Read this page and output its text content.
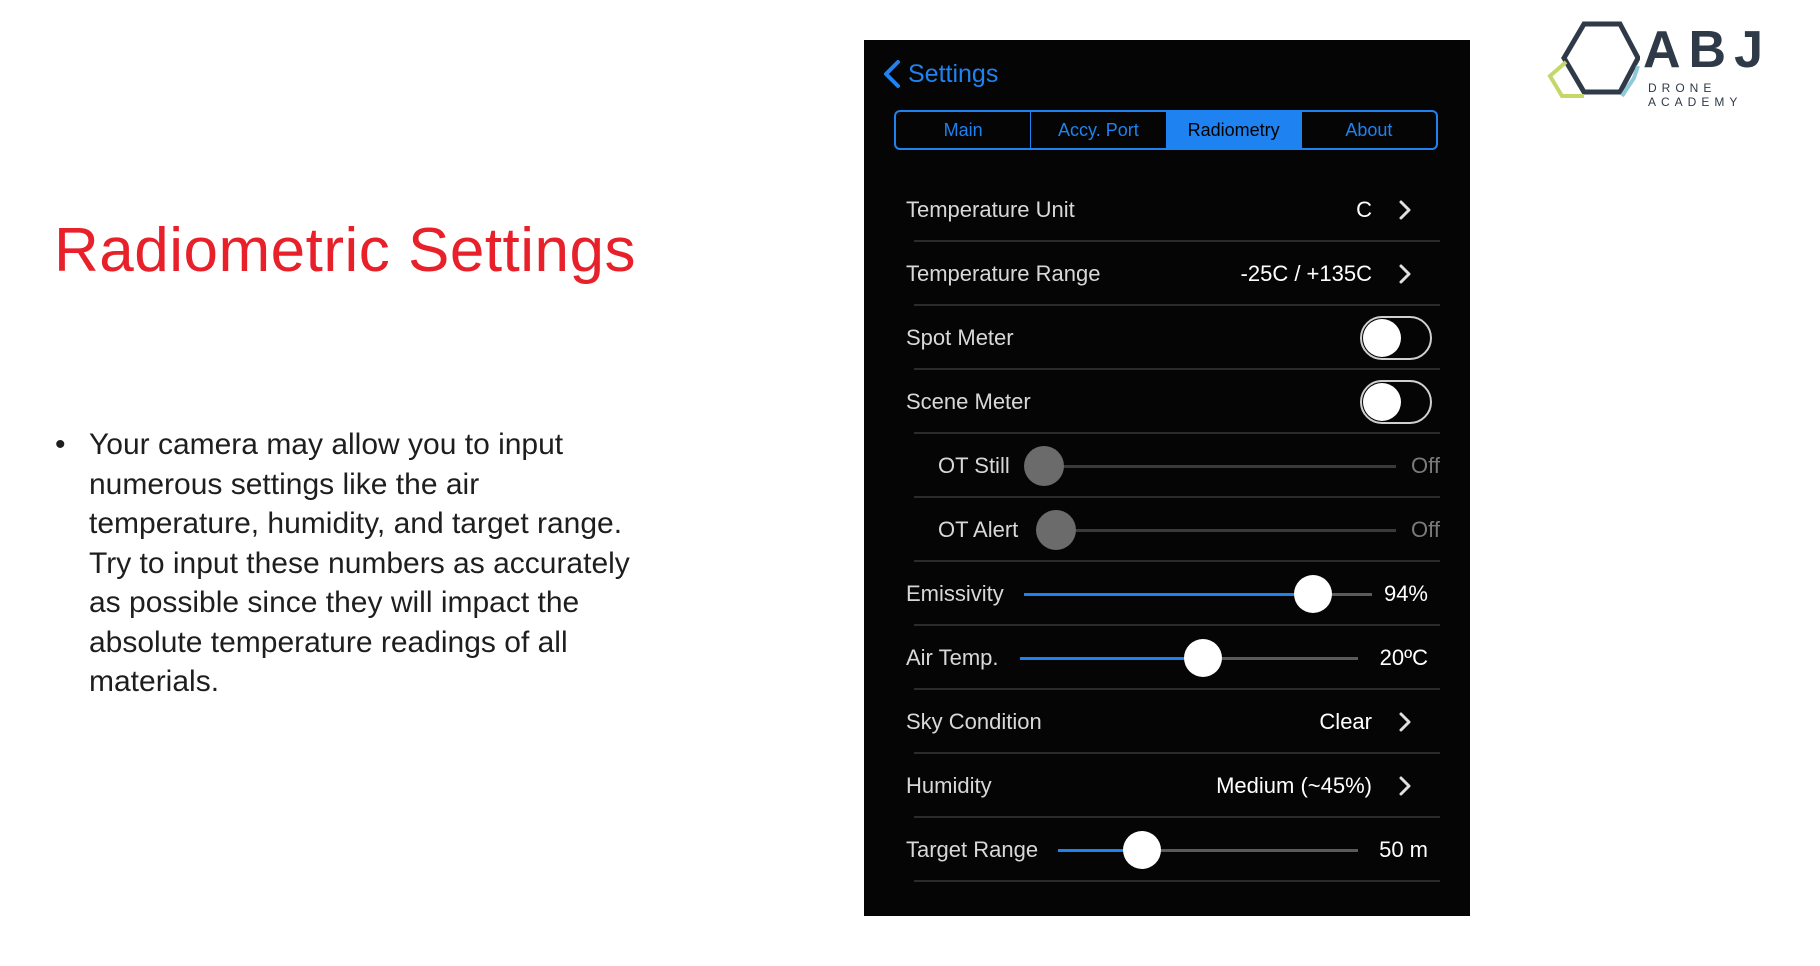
Radiometric Settings
• Your camera may allow you to input numerous settings like the air temperature, humidity, and target range. Try to input these numbers as accurately as possible since they will impact the absolute temperature readings of all materials.
ABJ
DRONE ACADEMY
Settings
Main	Accy. Port	Radiometry	About
Temperature Unit	C
Temperature Range	-25C / +135C
Spot Meter
Scene Meter
OT Still	Off
OT Alert	Off
Emissivity	94%
Air Temp.	20ºC
Sky Condition	Clear
Humidity	Medium (~45%)
Target Range	50 m
